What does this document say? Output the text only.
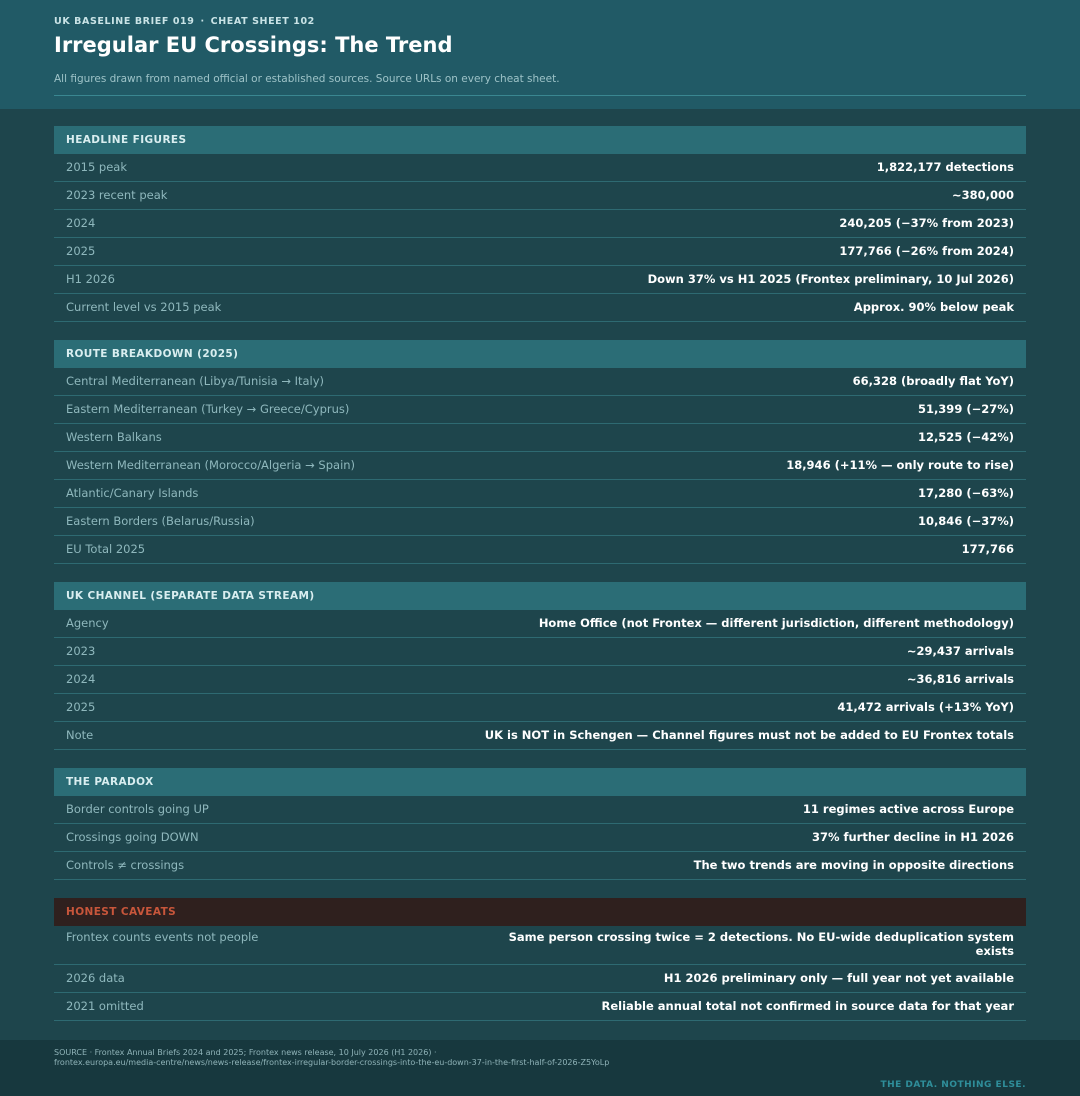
UK BASELINE BRIEF 019 · CHEAT SHEET 102
Irregular EU Crossings: The Trend
All figures drawn from named official or established sources. Source URLs on every cheat sheet.
HEADLINE FIGURES
2015 peak	1,822,177 detections
2023 recent peak	~380,000
2024	240,205 (−37% from 2023)
2025	177,766 (−26% from 2024)
H1 2026	Down 37% vs H1 2025 (Frontex preliminary, 10 Jul 2026)
Current level vs 2015 peak	Approx. 90% below peak
ROUTE BREAKDOWN (2025)
Central Mediterranean (Libya/Tunisia → Italy)	66,328 (broadly flat YoY)
Eastern Mediterranean (Turkey → Greece/Cyprus)	51,399 (−27%)
Western Balkans	12,525 (−42%)
Western Mediterranean (Morocco/Algeria → Spain)	18,946 (+11% — only route to rise)
Atlantic/Canary Islands	17,280 (−63%)
Eastern Borders (Belarus/Russia)	10,846 (−37%)
EU Total 2025	177,766
UK CHANNEL (SEPARATE DATA STREAM)
Agency	Home Office (not Frontex — different jurisdiction, different methodology)
2023	~29,437 arrivals
2024	~36,816 arrivals
2025	41,472 arrivals (+13% YoY)
Note	UK is NOT in Schengen — Channel figures must not be added to EU Frontex totals
THE PARADOX
Border controls going UP	11 regimes active across Europe
Crossings going DOWN	37% further decline in H1 2026
Controls ≠ crossings	The two trends are moving in opposite directions
HONEST CAVEATS
Frontex counts events not people	Same person crossing twice = 2 detections. No EU-wide deduplication system exists
2026 data	H1 2026 preliminary only — full year not yet available
2021 omitted	Reliable annual total not confirmed in source data for that year
SOURCE · Frontex Annual Briefs 2024 and 2025; Frontex news release, 10 July 2026 (H1 2026) ·
frontex.europa.eu/media-centre/news/news-release/frontex-irregular-border-crossings-into-the-eu-down-37-in-the-first-half-of-2026-Z5YoLp
THE DATA. NOTHING ELSE.
